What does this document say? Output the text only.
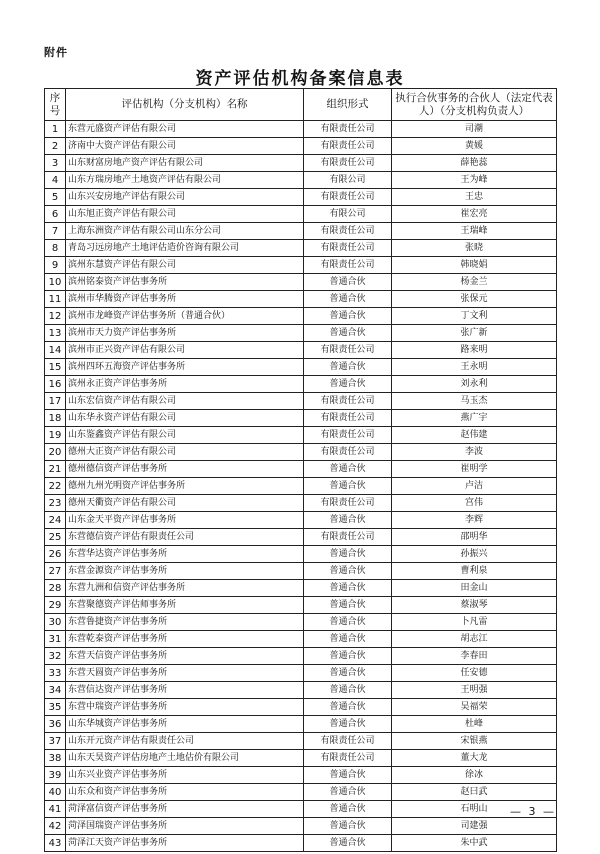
附件
资产评估机构备案信息表
序号	评估机构（分支机构）名称	组织形式	执行合伙事务的合伙人（法定代表人）（分支机构负责人）
1	东营元盛资产评估有限公司	有限责任公司	司潮
2	济南中大资产评估有限公司	有限责任公司	黄媛
3	山东财富房地产资产评估有限公司	有限责任公司	薛艳蕊
4	山东方瑞房地产土地资产评估有限公司	有限公司	王为峰
5	山东兴安房地产评估有限公司	有限责任公司	王忠
6	山东旭正资产评估有限公司	有限公司	崔宏亮
7	上海东洲资产评估有限公司山东分公司	有限责任公司	王瑞峰
8	青岛习远房地产土地评估造价咨询有限公司	有限责任公司	张晓
9	滨州东慧资产评估有限公司	有限责任公司	韩晓娟
10	滨州铭泰资产评估事务所	普通合伙	杨金兰
11	滨州市华腾资产评估事务所	普通合伙	张保元
12	滨州市龙峰资产评估事务所（普通合伙）	普通合伙	丁文利
13	滨州市天力资产评估事务所	普通合伙	张广新
14	滨州市正兴资产评估有限公司	有限责任公司	路来明
15	滨州四环五海资产评估事务所	普通合伙	王永明
16	滨州永正资产评估事务所	普通合伙	刘永利
17	山东宏信资产评估有限公司	有限责任公司	马玉杰
18	山东华永资产评估有限公司	有限责任公司	燕广宇
19	山东鉴鑫资产评估有限公司	有限责任公司	赵伟建
20	德州大正资产评估有限公司	有限责任公司	李波
21	德州德信资产评估事务所	普通合伙	崔明学
22	德州九州光明资产评估事务所	普通合伙	卢洁
23	德州天衢资产评估有限公司	有限责任公司	宫伟
24	山东金天平资产评估事务所	普通合伙	李辉
25	东营德信资产评估有限责任公司	有限责任公司	邵明华
26	东营华达资产评估事务所	普通合伙	孙振兴
27	东营金源资产评估事务所	普通合伙	曹利泉
28	东营九洲和信资产评估事务所	普通合伙	田金山
29	东营聚德资产评估师事务所	普通合伙	蔡淑琴
30	东营鲁捷资产评估事务所	普通合伙	卜凡雷
31	东营乾泰资产评估事务所	普通合伙	胡志江
32	东营天信资产评估事务所	普通合伙	李春田
33	东营天圆资产评估事务所	普通合伙	任安德
34	东营信达资产评估事务所	普通合伙	王明强
35	东营中瑞资产评估事务所	普通合伙	吴福荣
36	山东华城资产评估事务所	普通合伙	杜峰
37	山东开元资产评估有限责任公司	有限责任公司	宋银燕
38	山东天昊资产评估房地产土地估价有限公司	有限责任公司	董大龙
39	山东兴业资产评估事务所	普通合伙	徐冰
40	山东众和资产评估事务所	普通合伙	赵曰武
41	菏泽富信资产评估事务所	普通合伙	石明山
42	菏泽国瑞资产评估事务所	普通合伙	司建强
43	菏泽江天资产评估事务所	普通合伙	朱中武
— 3 —
